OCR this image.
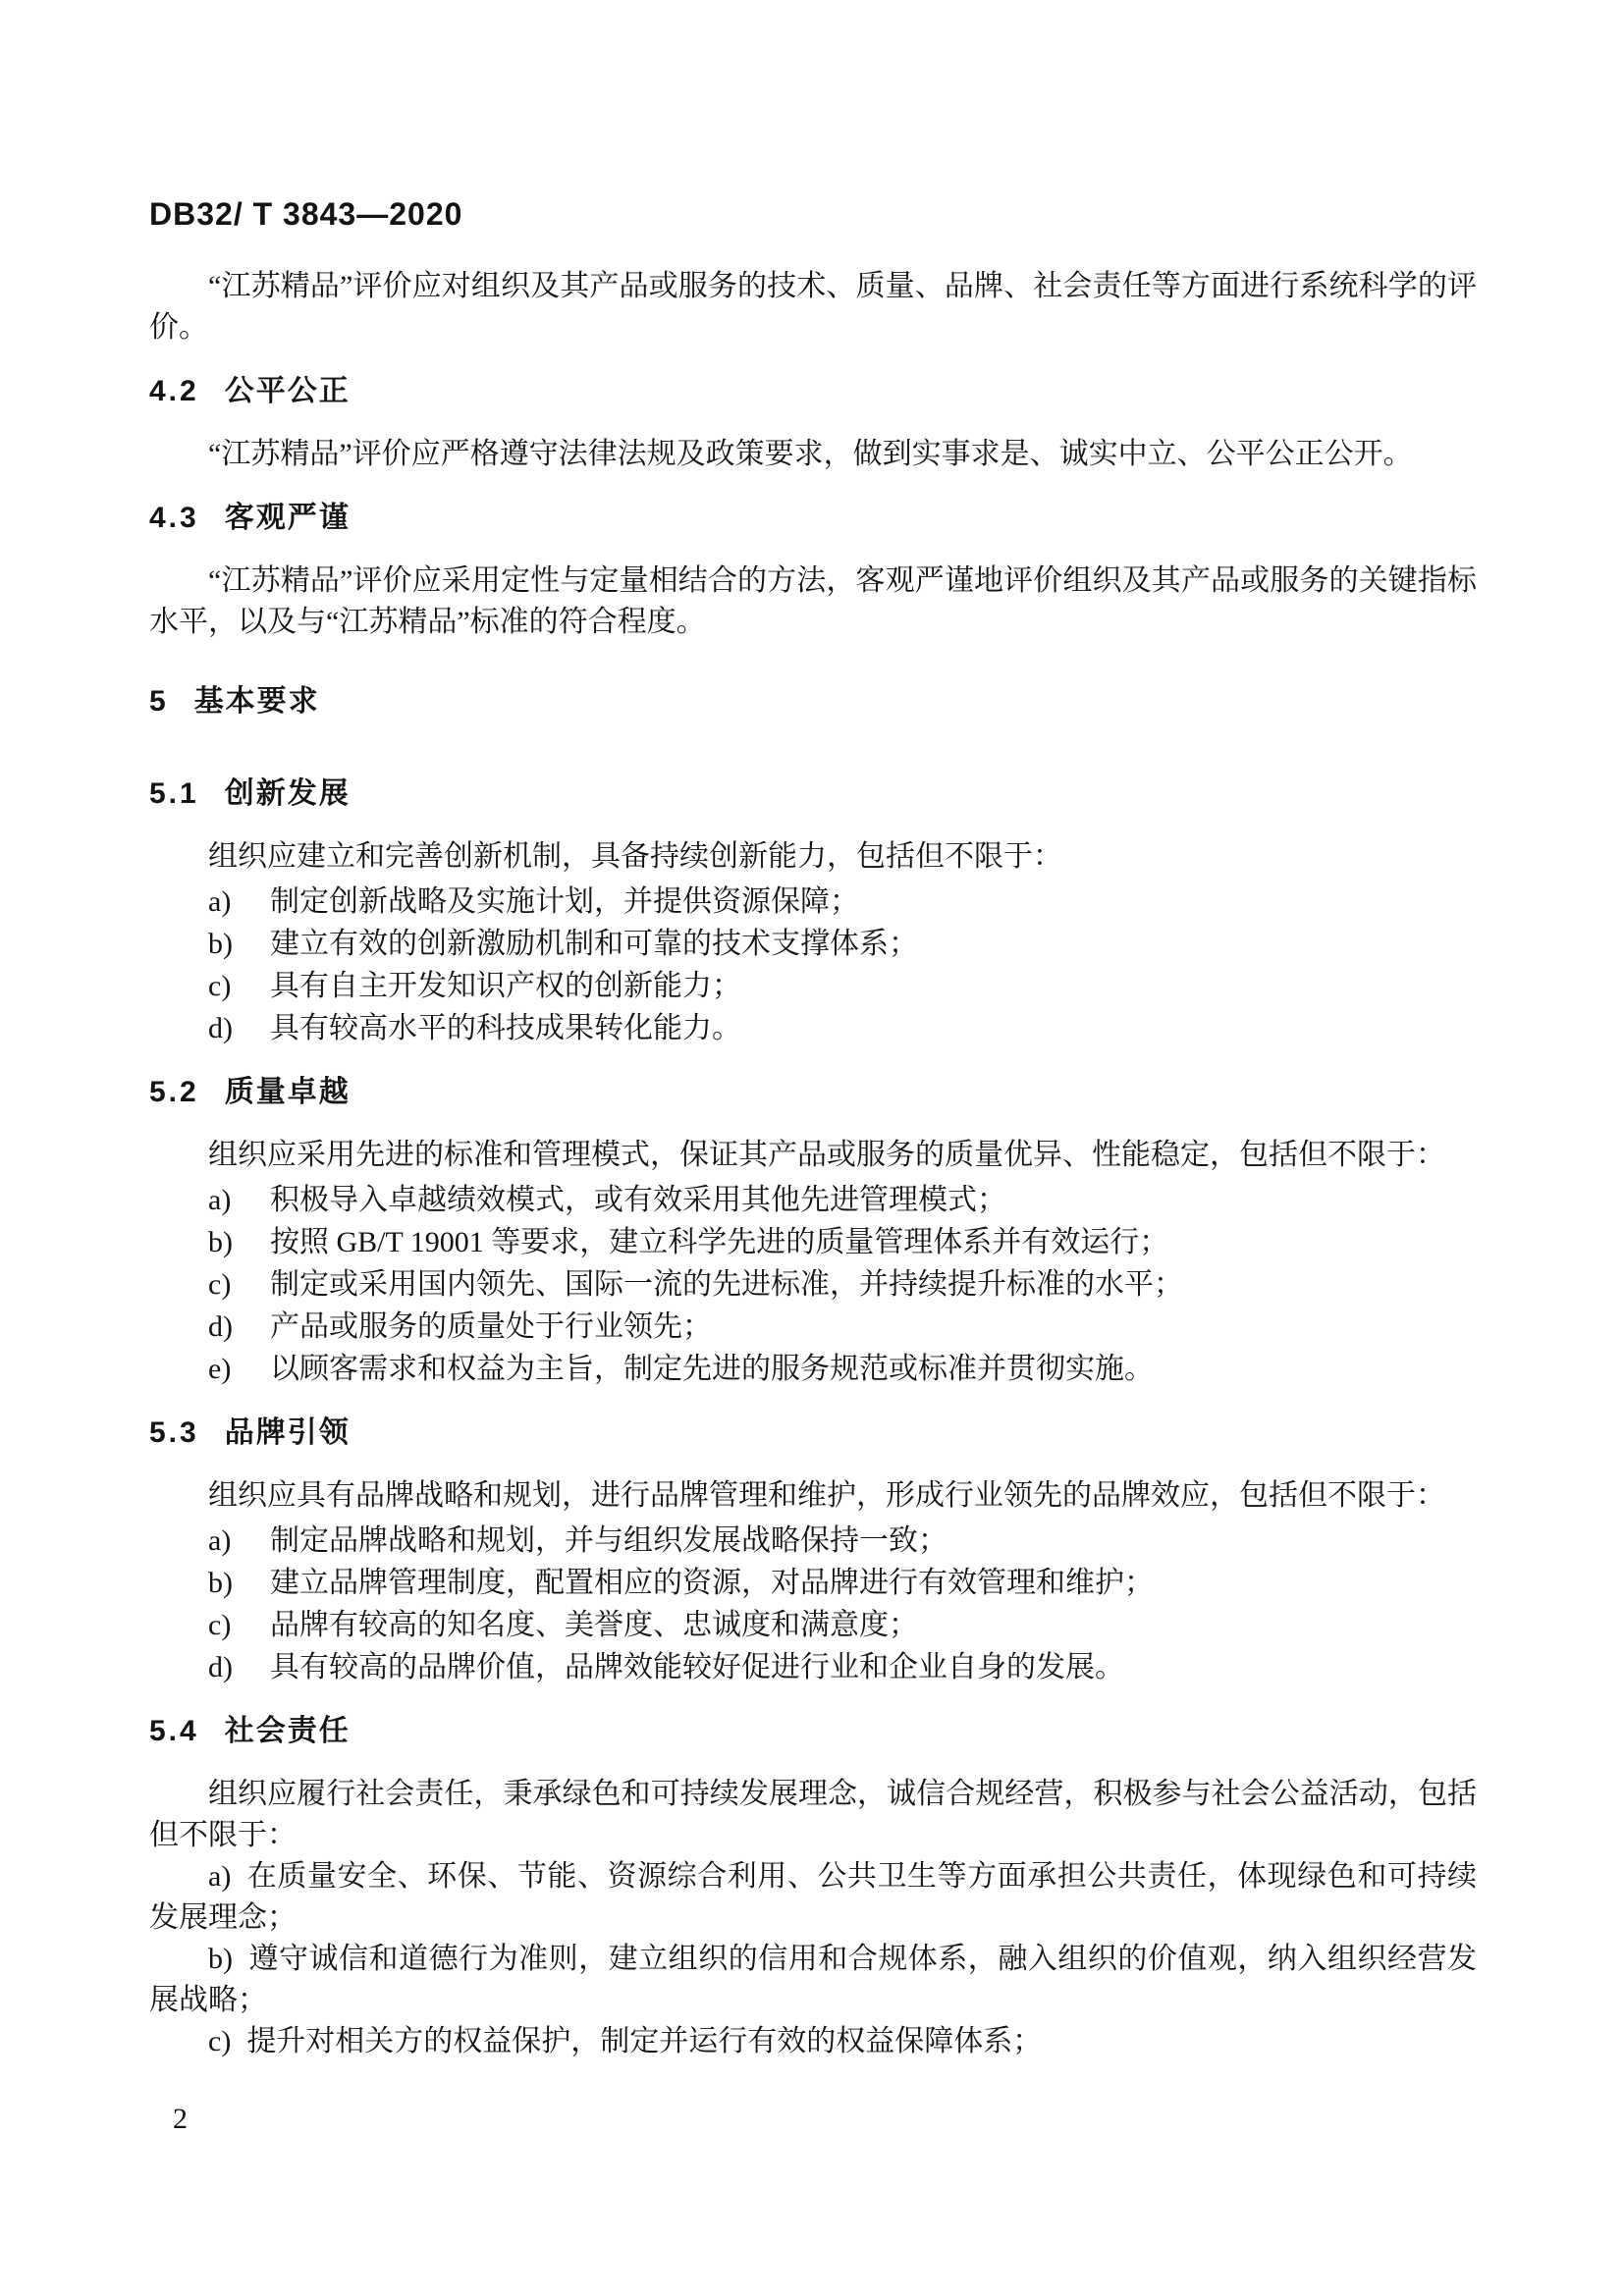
DB32/ T 3843—2020
“江苏精品”评价应对组织及其产品或服务的技术、质量、品牌、社会责任等方面进行系统科学的评价。
4.2 公平公正
“江苏精品”评价应严格遵守法律法规及政策要求，做到实事求是、诚实中立、公平公正公开。
4.3 客观严谨
“江苏精品”评价应采用定性与定量相结合的方法，客观严谨地评价组织及其产品或服务的关键指标水平，以及与“江苏精品”标准的符合程度。
5 基本要求
5.1 创新发展
组织应建立和完善创新机制，具备持续创新能力，包括但不限于：
a) 制定创新战略及实施计划，并提供资源保障；
b) 建立有效的创新激励机制和可靠的技术支撑体系；
c) 具有自主开发知识产权的创新能力；
d) 具有较高水平的科技成果转化能力。
5.2 质量卓越
组织应采用先进的标准和管理模式，保证其产品或服务的质量优异、性能稳定，包括但不限于：
a) 积极导入卓越绩效模式，或有效采用其他先进管理模式；
b) 按照 GB/T 19001 等要求，建立科学先进的质量管理体系并有效运行；
c) 制定或采用国内领先、国际一流的先进标准，并持续提升标准的水平；
d) 产品或服务的质量处于行业领先；
e) 以顾客需求和权益为主旨，制定先进的服务规范或标准并贯彻实施。
5.3 品牌引领
组织应具有品牌战略和规划，进行品牌管理和维护，形成行业领先的品牌效应，包括但不限于：
a) 制定品牌战略和规划，并与组织发展战略保持一致；
b) 建立品牌管理制度，配置相应的资源，对品牌进行有效管理和维护；
c) 品牌有较高的知名度、美誉度、忠诚度和满意度；
d) 具有较高的品牌价值，品牌效能较好促进行业和企业自身的发展。
5.4 社会责任
组织应履行社会责任，秉承绿色和可持续发展理念，诚信合规经营，积极参与社会公益活动，包括但不限于：
a) 在质量安全、环保、节能、资源综合利用、公共卫生等方面承担公共责任，体现绿色和可持续发展理念；
b) 遵守诚信和道德行为准则，建立组织的信用和合规体系，融入组织的价值观，纳入组织经营发展战略；
c) 提升对相关方的权益保护，制定并运行有效的权益保障体系；
2
